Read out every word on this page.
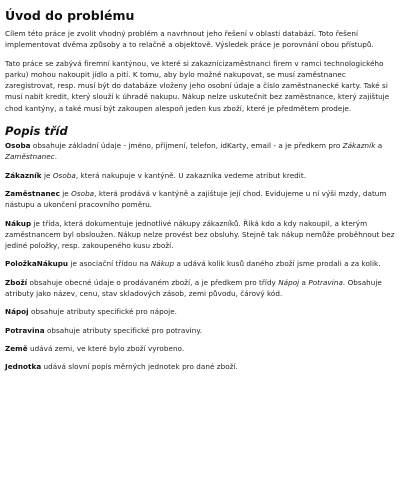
Úvod do problému
Cílem této práce je zvolit vhodný problém a navrhnout jeho řešení v oblasti databází. Toto řešení implementovat dvěma způsoby a to relačně a objektově. Výsledek práce je porovnání obou přístupů.
Tato práce se zabývá firemní kantýnou, ve které si zakaznicizaměstnanci firem v ramci technologického parku) mohou nakoupit jídlo a pití. K tomu, aby bylo možné nakupovat, se musí zaměstnanec zaregistrovat, resp. musí být do databáze vloženy jeho osobní údaje a číslo zaměstnanecké karty. Také si musí nabít kredit, který slouží k úhradě nakupu. Nákup nelze uskutečnit bez zaměstnance, který zajištuje chod kantýny, a také musí být zakoupen alespoň jeden kus zboží, které je předmětem prodeje.
Popis tříd
Osoba obsahuje základní údaje - jméno, příjmení, telefon, idKarty, email - a je předkem pro Zákazník a Zaměstnanec.
Zákazník je Osoba, která nakupuje v kantýně. U zakazníka vedeme atribut kredit.
Zaměstnanec je Osoba, která prodává v kantýně a zajištuje její chod. Evidujeme u ní výši mzdy, datum nástupu a ukončení pracovního poměru.
Nákup je třída, která dokumentuje jednotlivé nákupy zákazníků. Říká kdo a kdy nakoupil, a kterým zaměstnancem byl obsloužen. Nákup nelze provést bez obsluhy. Stejně tak nákup nemůže proběhnout bez jediné položky, resp. zakoupeného kusu zboží.
PoložkaNákupu je asociační třídou na Nákup a udává kolik kusů daného zboží jsme prodali a za kolik.
Zboží obsahuje obecné údaje o prodávaném zboží, a je předkem pro třídy Nápoj a Potravina. Obsahuje atributy jako název, cenu, stav skladových zásob, zemi původu, čárový kód.
Nápoj obsahuje atributy specifické pro nápoje.
Potravina obsahuje atributy specifické pro potraviny.
Země udává zemi, ve které bylo zboží vyrobeno.
Jednotka udává slovní popis měrných jednotek pro dané zboží.
